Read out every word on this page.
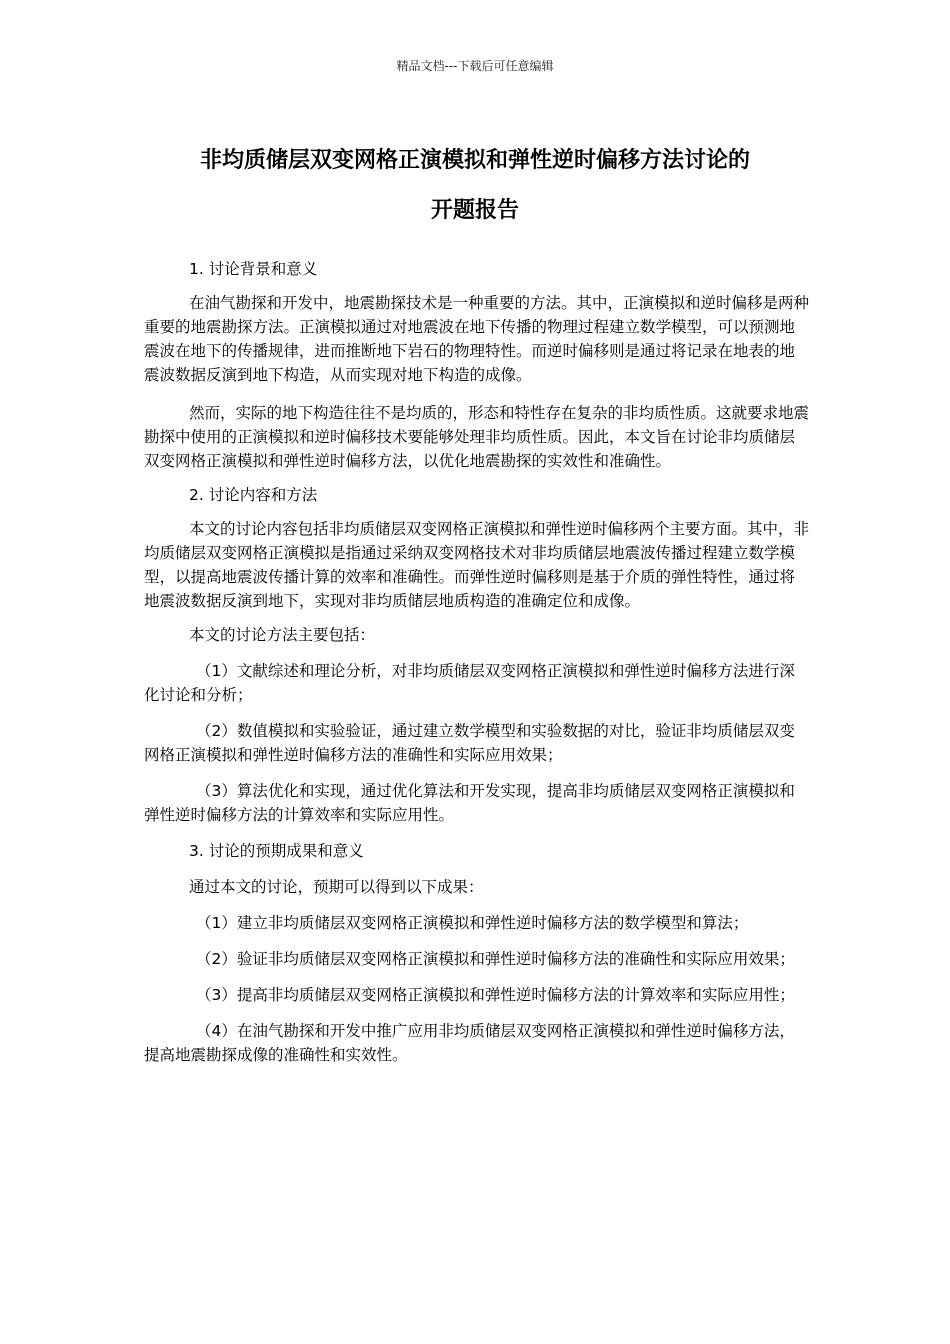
精品文档---下载后可任意编辑
非均质储层双变网格正演模拟和弹性逆时偏移方法讨论的
开题报告

1. 讨论背景和意义

在油气勘探和开发中，地震勘探技术是一种重要的方法。其中，正演模拟和逆时偏移是两种重要的地震勘探方法。正演模拟通过对地震波在地下传播的物理过程建立数学模型，可以预测地震波在地下的传播规律，进而推断地下岩石的物理特性。而逆时偏移则是通过将记录在地表的地震波数据反演到地下构造，从而实现对地下构造的成像。

然而，实际的地下构造往往不是均质的，形态和特性存在复杂的非均质性质。这就要求地震勘探中使用的正演模拟和逆时偏移技术要能够处理非均质性质。因此，本文旨在讨论非均质储层双变网格正演模拟和弹性逆时偏移方法，以优化地震勘探的实效性和准确性。

2. 讨论内容和方法

本文的讨论内容包括非均质储层双变网格正演模拟和弹性逆时偏移两个主要方面。其中，非均质储层双变网格正演模拟是指通过采纳双变网格技术对非均质储层地震波传播过程建立数学模型，以提高地震波传播计算的效率和准确性。而弹性逆时偏移则是基于介质的弹性特性，通过将地震波数据反演到地下，实现对非均质储层地质构造的准确定位和成像。

本文的讨论方法主要包括：

（1）文献综述和理论分析，对非均质储层双变网格正演模拟和弹性逆时偏移方法进行深化讨论和分析；

（2）数值模拟和实验验证，通过建立数学模型和实验数据的对比，验证非均质储层双变网格正演模拟和弹性逆时偏移方法的准确性和实际应用效果；

（3）算法优化和实现，通过优化算法和开发实现，提高非均质储层双变网格正演模拟和弹性逆时偏移方法的计算效率和实际应用性。

3. 讨论的预期成果和意义

通过本文的讨论，预期可以得到以下成果：

（1）建立非均质储层双变网格正演模拟和弹性逆时偏移方法的数学模型和算法；

（2）验证非均质储层双变网格正演模拟和弹性逆时偏移方法的准确性和实际应用效果；

（3）提高非均质储层双变网格正演模拟和弹性逆时偏移方法的计算效率和实际应用性；

（4）在油气勘探和开发中推广应用非均质储层双变网格正演模拟和弹性逆时偏移方法，提高地震勘探成像的准确性和实效性。
